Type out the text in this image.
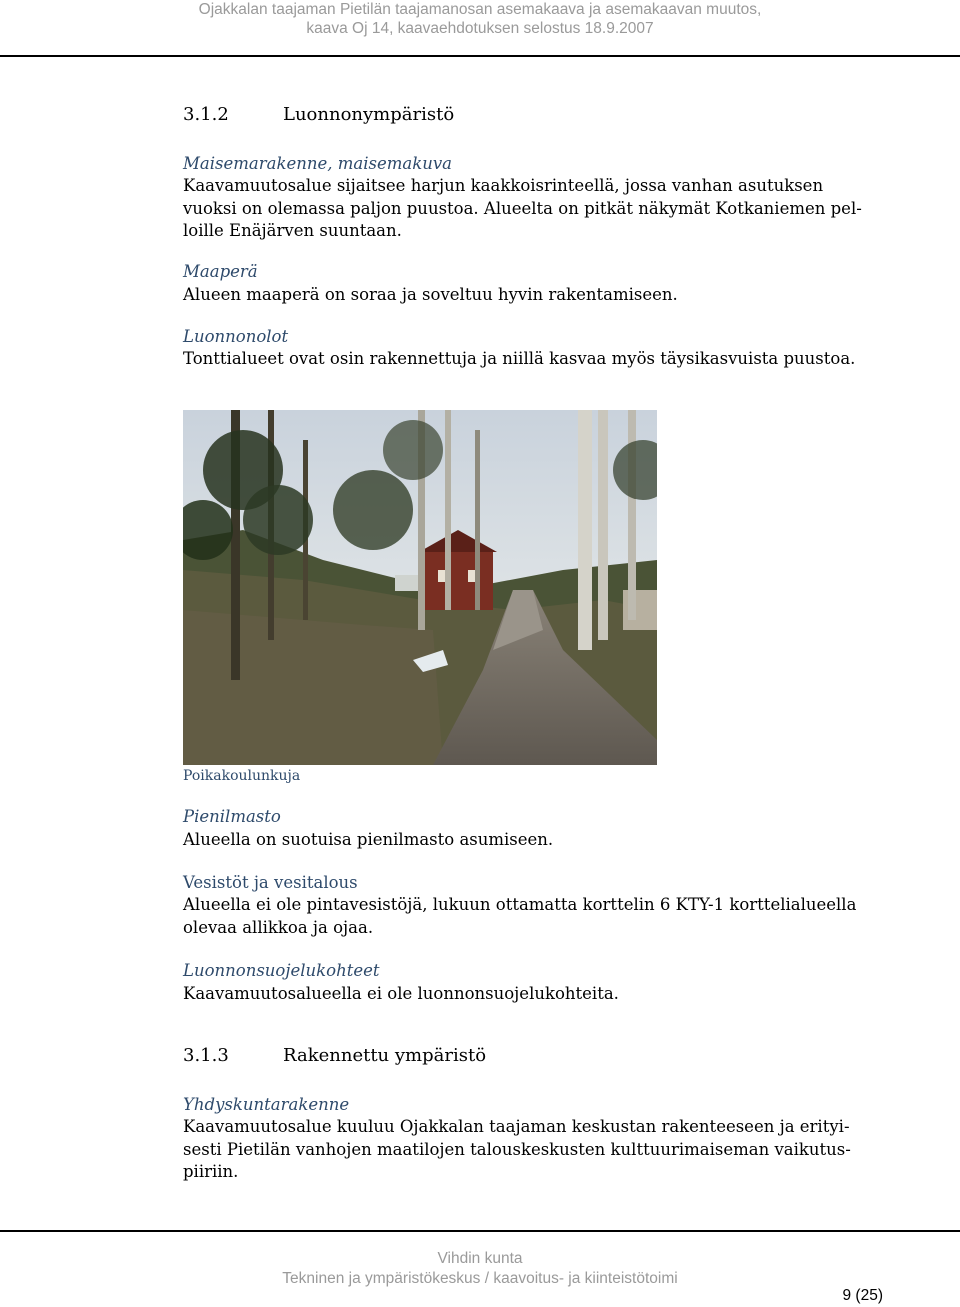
Ojakkalan taajaman Pietilän taajamanosan asemakaava ja asemakaavan muutos,
kaava Oj 14, kaavaehdotuksen selostus 18.9.2007
3.1.2	Luonnonympäristö
Maisemarakenne, maisemakuva
Kaavamuutosalue sijaitsee harjun kaakkoisrinteellä, jossa vanhan asutuksen
vuoksi on olemassa paljon puustoa. Alueelta on pitkät näkymät Kotkaniemen pel-
loille Enäjärven suuntaan.
Maaperä
Alueen maaperä on soraa ja soveltuu hyvin rakentamiseen.
Luonnonolot
Tonttialueet ovat osin rakennettuja ja niillä kasvaa myös täysikasvuista puustoa.
Poikakoulunkuja
Pienilmasto
Alueella on suotuisa pienilmasto asumiseen.
Vesistöt ja vesitalous
Alueella ei ole pintavesistöjä, lukuun ottamatta korttelin 6 KTY-1 korttelialueella
olevaa allikkoa ja ojaa.
Luonnonsuojelukohteet
Kaavamuutosalueella ei ole luonnonsuojelukohteita.
3.1.3	Rakennettu ympäristö
Yhdyskuntarakenne
Kaavamuutosalue kuuluu Ojakkalan taajaman keskustan rakenteeseen ja erityi-
sesti Pietilän vanhojen maatilojen talouskeskusten kulttuurimaiseman vaikutus-
piiriin.
Vihdin kunta
Tekninen ja ympäristökeskus / kaavoitus- ja kiinteistötoimi
9 (25)
